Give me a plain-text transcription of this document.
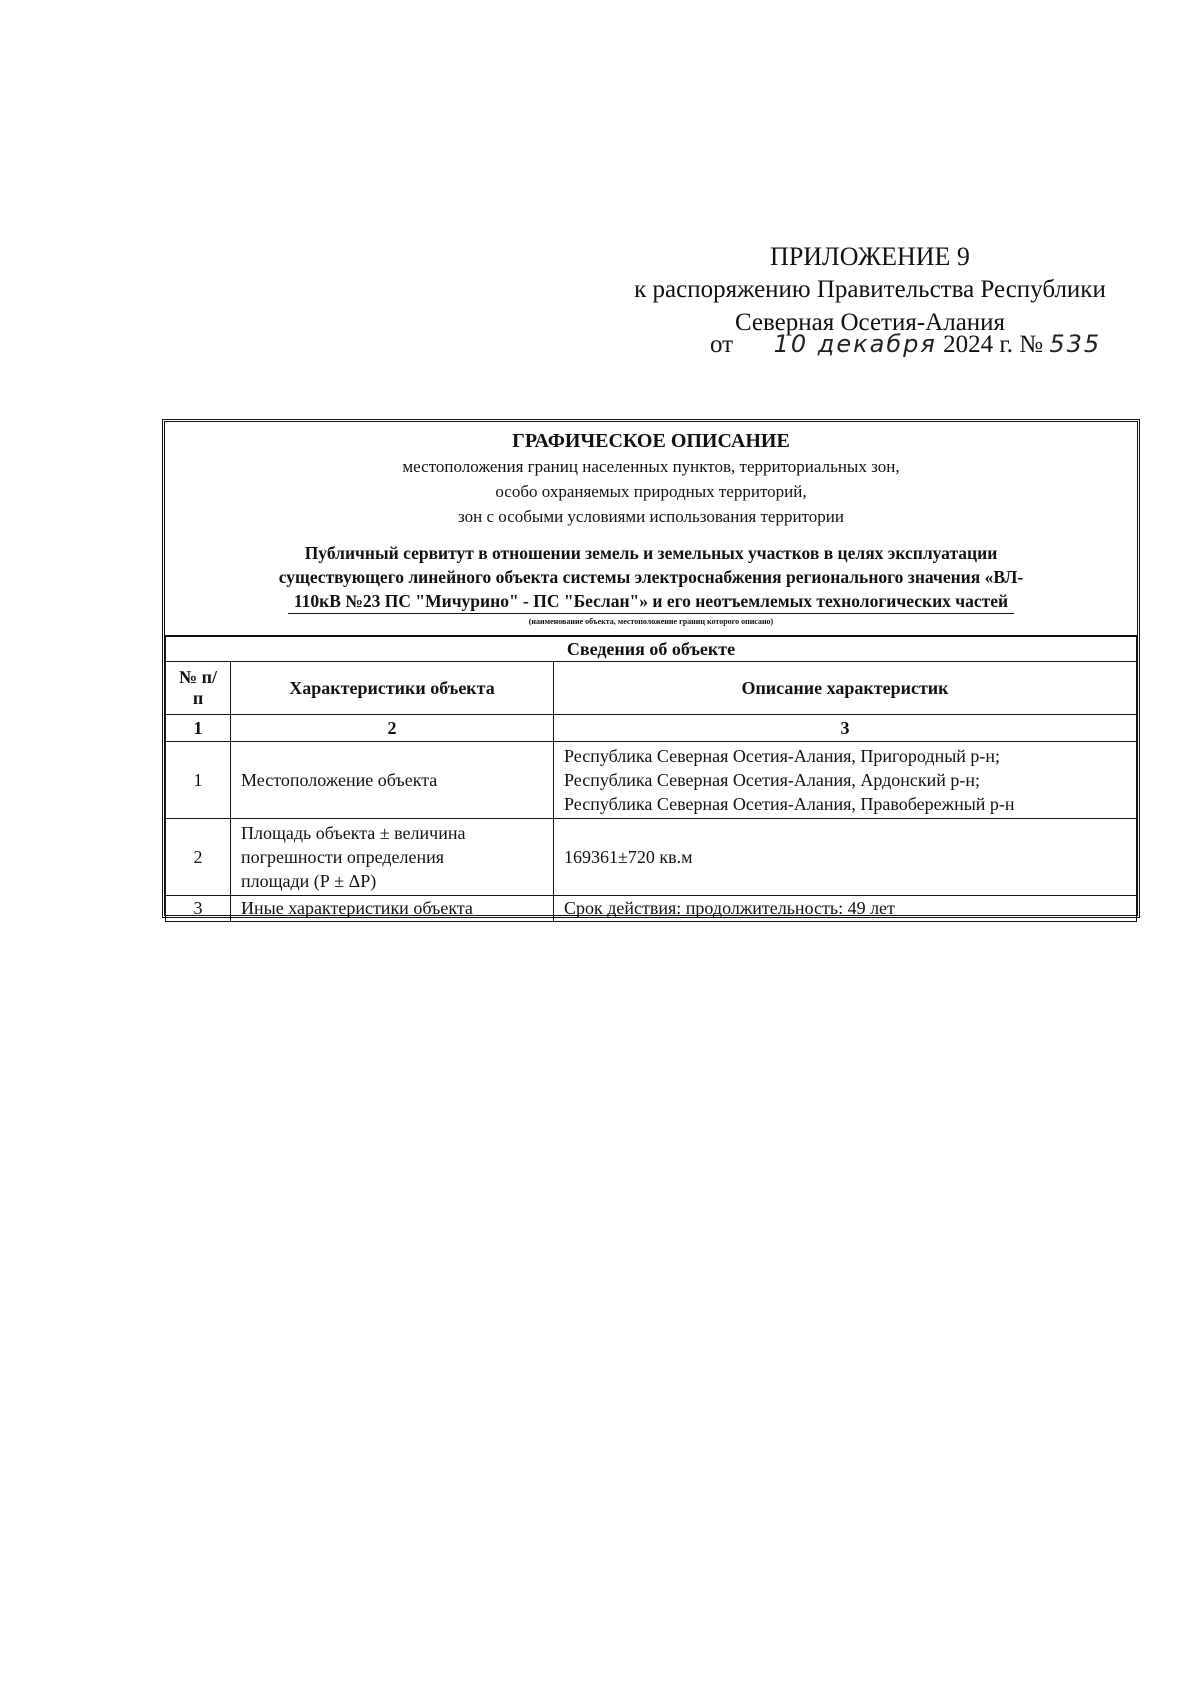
ПРИЛОЖЕНИЕ 9
к распоряжению Правительства Республики
Северная Осетия-Алания
от 10 декабря 2024 г. № 535
ГРАФИЧЕСКОЕ ОПИСАНИЕ
местоположения границ населенных пунктов, территориальных зон,
особо охраняемых природных территорий,
зон с особыми условиями использования территории
Публичный сервитут в отношении земель и земельных участков в целях эксплуатации
существующего линейного объекта системы электроснабжения регионального значения «ВЛ-
110кВ №23 ПС "Мичурино" - ПС "Беслан"» и его неотъемлемых технологических частей
(наименование объекта, местоположение границ которого описано)
Сведения об объекте		
№ п/п	Характеристики объекта	Описание характеристик
1	2	3
1	Местоположение объекта	Республика Северная Осетия-Алания, Пригородный р-н;
Республика Северная Осетия-Алания, Ардонский р-н;
Республика Северная Осетия-Алания, Правобережный р-н

2	Площадь объекта ± величина
погрешности определения
площади (Р ± ΔР)	169361±720 кв.м
3	Иные характеристики объекта	Срок действия: продолжительность: 49 лет
